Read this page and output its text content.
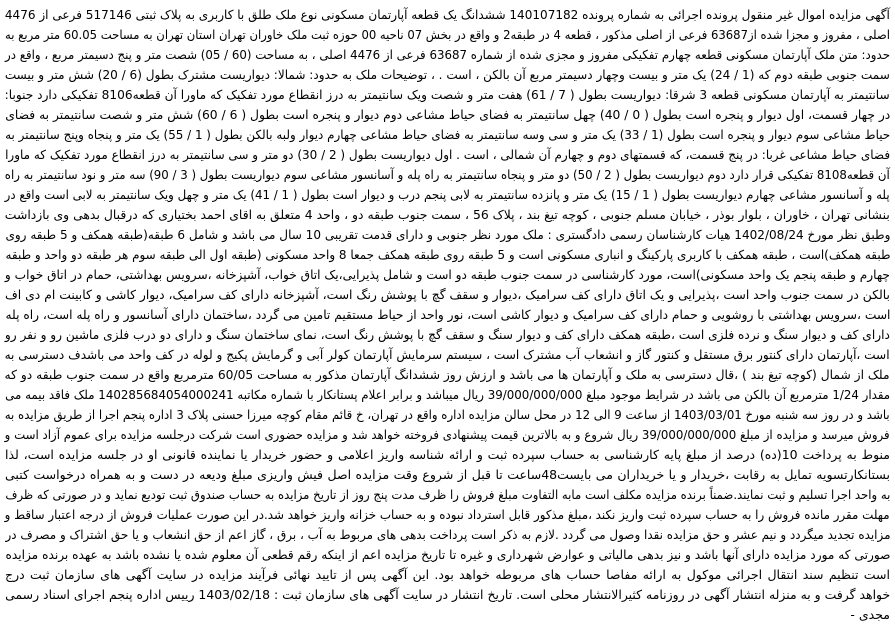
آگهی مزایده اموال غیر منقول پرونده اجرائی به شماره پرونده 140107182 ششدانگ یک قطعه آپارتمان مسکونی نوع ملک طلق با کاربری به پلاک ثبتی 517146 فرعی از 4476
اصلی ، مفروز و مجزا شده از63687 فرعی از اصلی مذکور ، قطعه 4 در طبقه2 و واقع در بخش 07 ناحیه 00 حوزه ثبت ملک خاوران تهران استان تهران به مساحت 60.05 متر مربع به
حدود: متن ملک آپارتمان مسکونی قطعه چهارم تفکیکی مفروز و مجزی شده از شماره 63687 فرعی از 4476 اصلی ، به مساحت (60 / 05) شصت متر و پنج دسیمتر مربع ، واقع در
سمت جنوبی طبقه دوم که (1 / 24) یک متر و بیست وچهار دسیمتر مربع آن بالکن ، است . ، توضیحات ملک به حدود: شمالا: دیواریست مشترک بطول (6 / 20) شش متر و بیست
سانتیمتر به آپارتمان مسکونی قطعه 3 شرقا: دیواریست بطول ( 7 / 61) هفت متر و شصت ویک سانتیمتر به درز انقطاع مورد تفکیک که ماورا آن قطعه8106 تفکیکی دارد جنوبا:
در چهار قسمت، اول دیوار و پنجره است بطول ( 0 / 40) چهل سانتیمتر به فضای حیاط مشاعی دوم دیوار و پنجره است بطول ( 6 / 60) شش متر و شصت سانتیمتر به فضای
حیاط مشاعی سوم دیوار و پنجره است بطول (1 / 33) یک متر و سی وسه سانتیمتر به فضای حیاط مشاعی چهارم دیوار ولبه بالکن بطول ( 1 / 55) یک متر و پنجاه وپنج سانتیمتر به
فضای حیاط مشاعی غربا: در پنج قسمت، که قسمتهای دوم و چهارم آن شمالی ، است . اول دیواریست بطول ( 2 / 30) دو متر و سی سانتیمتر به درز انقطاع مورد تفکیک که ماورا
آن قطعه8108 تفکیکی قرار دارد دوم دیواریست بطول ( 2 / 50) دو متر و پنجاه سانتیمتر به راه پله و آسانسور مشاعی سوم دیواریست بطول ( 3 / 90) سه متر و نود سانتیمتر به راه
پله و آسانسور مشاعی چهارم دیواریست بطول ( 1 / 15) یک متر و پانزده سانتیمتر به لابی پنجم درب و دیوار است بطول ( 1 / 41) یک متر و چهل ویک سانتیمتر به لابی است واقع در
بنشانی تهران ، خاوران ، بلوار بوذر ، خیابان مسلم جنوبی ، کوچه تیغ بند ، پلاک 56 ، سمت جنوب طبقه دو ، واحد 4 متعلق به اقای احمد بختیاری که درقبال بدهی وی بازداشت
وطبق نظر مورخ 1402/08/24 هیات کارشناسان رسمی دادگستری : ملک مورد نظر جنوبی و دارای قدمت تقریبی 10 سال می باشد و شامل 6 طبقه(طبقه همکف و 5 طبقه روی
طبقه همکف)است ، طبقه همکف با کاربری پارکینگ و انباری مسکونی است و 5 طبقه روی طبقه همکف جمعا 8 واحد مسکونی (طبقه اول الی طبقه سوم هر طبقه دو واحد و طبقه
چهارم و طبقه پنجم یک واحد مسکونی)است، مورد کارشناسی در سمت جنوب طبقه دو است و شامل پذیرایی،یک اتاق خواب، آشپزخانه ،سرویس بهداشتی، حمام در اتاق خواب و
بالکن در سمت جنوب واحد است ،پذیرایی و یک اتاق دارای کف سرامیک ،دیوار و سقف گچ با پوشش رنگ است، آشپزخانه دارای کف سرامیک، دیوار کاشی و کابینت ام دی اف
است ،سرویس بهداشتی با روشویی و حمام دارای کف سرامیک و دیوار کاشی است، نور واحد از حیاط مستقیم تامین می گردد ،ساختمان دارای آسانسور و راه پله است، راه پله
دارای کف و دیوار سنگ و نرده فلزی است ،طبقه همکف دارای کف و دیوار سنگ و سقف گچ با پوشش رنگ است، نمای ساختمان سنگ و دارای دو درب فلزی ماشین رو و نفر رو
است ،آپارتمان دارای کنتور برق مستقل و کنتور گاز و انشعاب آب مشترک است ، سیستم سرمایش آپارتمان کولر آبی و گرمایش پکیج و لوله در کف واحد می باشدف دسترسی به
ملک از شمال (کوچه تیغ بند ) ،قال دسترسی به ملک و آپارتمان ها می باشد و ارزش روز ششدانگ آپارتمان مذکور به مساحت 60/05 مترمربع واقع در سمت جنوب طبقه دو که
مقدار 1/24 مترمربع آن بالکن می باشد در شرایط موجود مبلغ 39/000/000/000 ریال میباشد و برابر اعلام پستانکار با شماره مکاتبه 140285684054000241 ملک فاقد بیمه می
باشد و در روز سه شنبه مورخ 1403/03/01 از ساعت 9 الی 12 در محل سالن مزایده اداره واقع در تهران، خ قائم مقام کوچه میرزا حسنی پلاک 3 اداره پنجم اجرا از طریق مزایده به
فروش میرسد و مزایده از مبلغ 39/000/000/000 ریال شروع و به بالاترین قیمت پیشنهادی فروخته خواهد شد و مزایده حضوری است شرکت درجلسه مزایده برای عموم آزاد است و
منوط به پرداخت 10(ده) درصد از مبلغ پایه کارشناسی به حساب سپرده ثبت و ارائه شناسه واریز اعلامی و حضور خریدار یا نماینده قانونی او در جلسه مزایده است، لذا
بستانکارتسویه تمایل به رقابت ،خریدار و یا خریداران می بایست48ساعت تا قبل از شروع وقت مزایده اصل فیش واریزی مبلغ ودیعه در دست و به همراه درخواست کتبی
به واحد اجرا تسلیم و ثبت نمایند.ضمناً برنده مزایده مکلف است مابه التفاوت مبلغ فروش را ظرف مدت پنج روز از تاریخ مزایده به حساب صندوق ثبت تودیع نماید و در صورتی که ظرف
مهلت مقرر مانده فروش را به حساب سپرده ثبت واریز نکند ،مبلغ مذکور قابل استرداد نبوده و به حساب خزانه واریز خواهد شد.در این صورت عملیات فروش از درجه اعتبار ساقط و
مزایده تجدید میگردد و نیم عشر و حق مزایده نقدا وصول می گردد .لازم به ذکر است پرداخت بدهی های مربوط به آب ، برق ، گاز اعم از حق انشعاب و یا حق اشتراک و مصرف در
صورتی که مورد مزایده دارای آنها باشد و نیز بدهی مالیاتی و عوارض شهرداری و غیره تا تاریخ مزایده اعم از اینکه رقم قطعی آن معلوم شده یا نشده باشد به عهده برنده مزایده
است تنظیم سند انتقال اجرائی موکول به ارائه مفاصا حساب های مربوطه خواهد بود. این آگهی پس از تایید نهائی فرآیند مزایده در سایت آگهی های سازمان ثبت درج
خواهد گرفت و به منزله انتشار آگهی در روزنامه کثیرالانتشار محلی است. تاریخ انتشار در سایت آگهی های سازمان ثبت : 1403/02/18 رییس اداره پنجم اجرای اسناد رسمی
- مجدی
